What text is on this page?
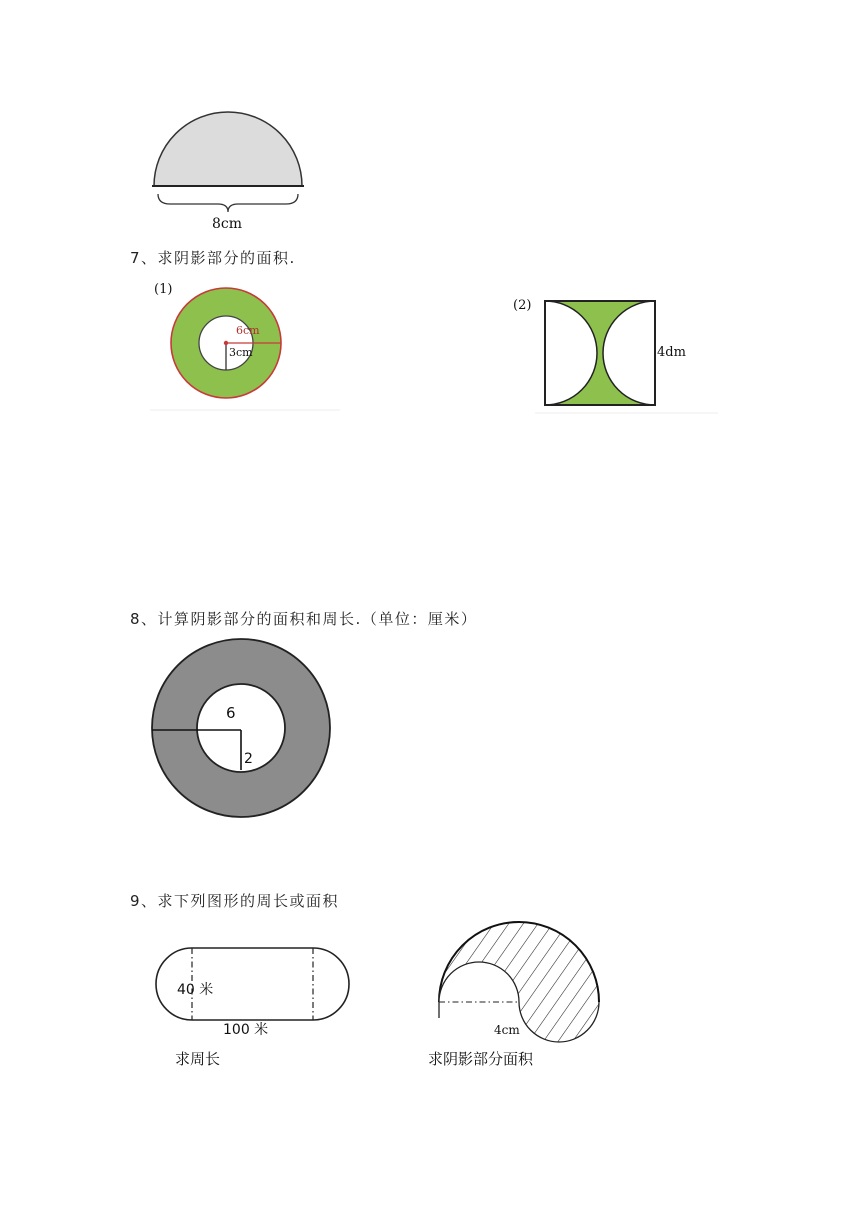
8cm
7、求阴影部分的面积.
(1)
6cm
3cm
(2)
4dm
8、计算阴影部分的面积和周长.（单位：厘米）
6
2
9、求下列图形的周长或面积
40 米
100 米
求周长
4cm
求阴影部分面积
